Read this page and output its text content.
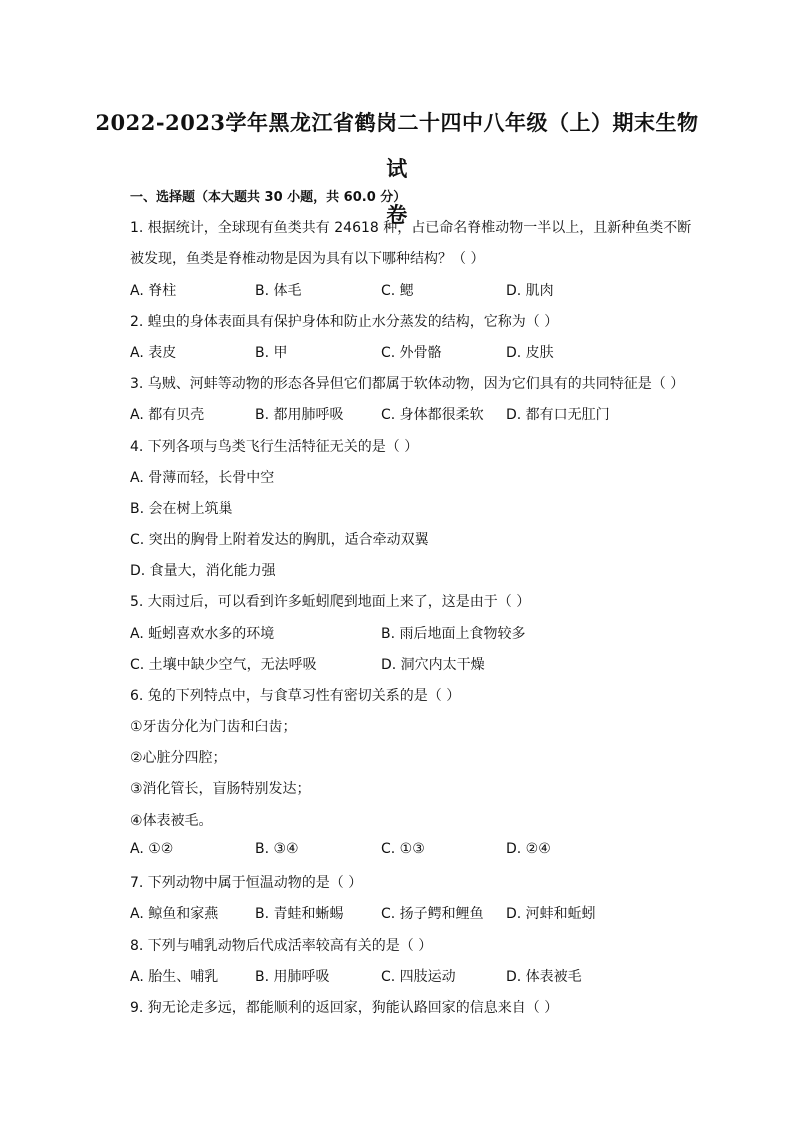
2022-2023学年黑龙江省鹤岗二十四中八年级（上）期末生物试
卷
一、选择题（本大题共 30 小题，共 60.0 分）
1. 根据统计，全球现有鱼类共有 24618 种，占已命名脊椎动物一半以上，且新种鱼类不断
被发现，鱼类是脊椎动物是因为具有以下哪种结构？（ ）
A. 脊柱	B. 体毛	C. 鳃	D. 肌肉
2. 蝗虫的身体表面具有保护身体和防止水分蒸发的结构，它称为（ ）
A. 表皮	B. 甲	C. 外骨骼	D. 皮肤
3. 乌贼、河蚌等动物的形态各异但它们都属于软体动物，因为它们具有的共同特征是（ ）
A. 都有贝壳	B. 都用肺呼吸	C. 身体都很柔软 D. 都有口无肛门
4. 下列各项与鸟类飞行生活特征无关的是（ ）
A. 骨薄而轻，长骨中空
B. 会在树上筑巢
C. 突出的胸骨上附着发达的胸肌，适合牵动双翼
D. 食量大，消化能力强
5. 大雨过后，可以看到许多蚯蚓爬到地面上来了，这是由于（ ）
A. 蚯蚓喜欢水多的环境	B. 雨后地面上食物较多
C. 土壤中缺少空气，无法呼吸	D. 洞穴内太干燥
6. 兔的下列特点中，与食草习性有密切关系的是（ ）
①牙齿分化为门齿和臼齿；
②心脏分四腔；
③消化管长，盲肠特别发达；
④体表被毛。
A. ①②	B. ③④	C. ①③	D. ②④
7. 下列动物中属于恒温动物的是（ ）
A. 鲸鱼和家燕	B. 青蛙和蜥蜴	C. 扬子鳄和鲤鱼 D. 河蚌和蚯蚓
8. 下列与哺乳动物后代成活率较高有关的是（ ）
A. 胎生、哺乳	B. 用肺呼吸	C. 四肢运动	D. 体表被毛
9. 狗无论走多远，都能顺利的返回家，狗能认路回家的信息来自（ ）
